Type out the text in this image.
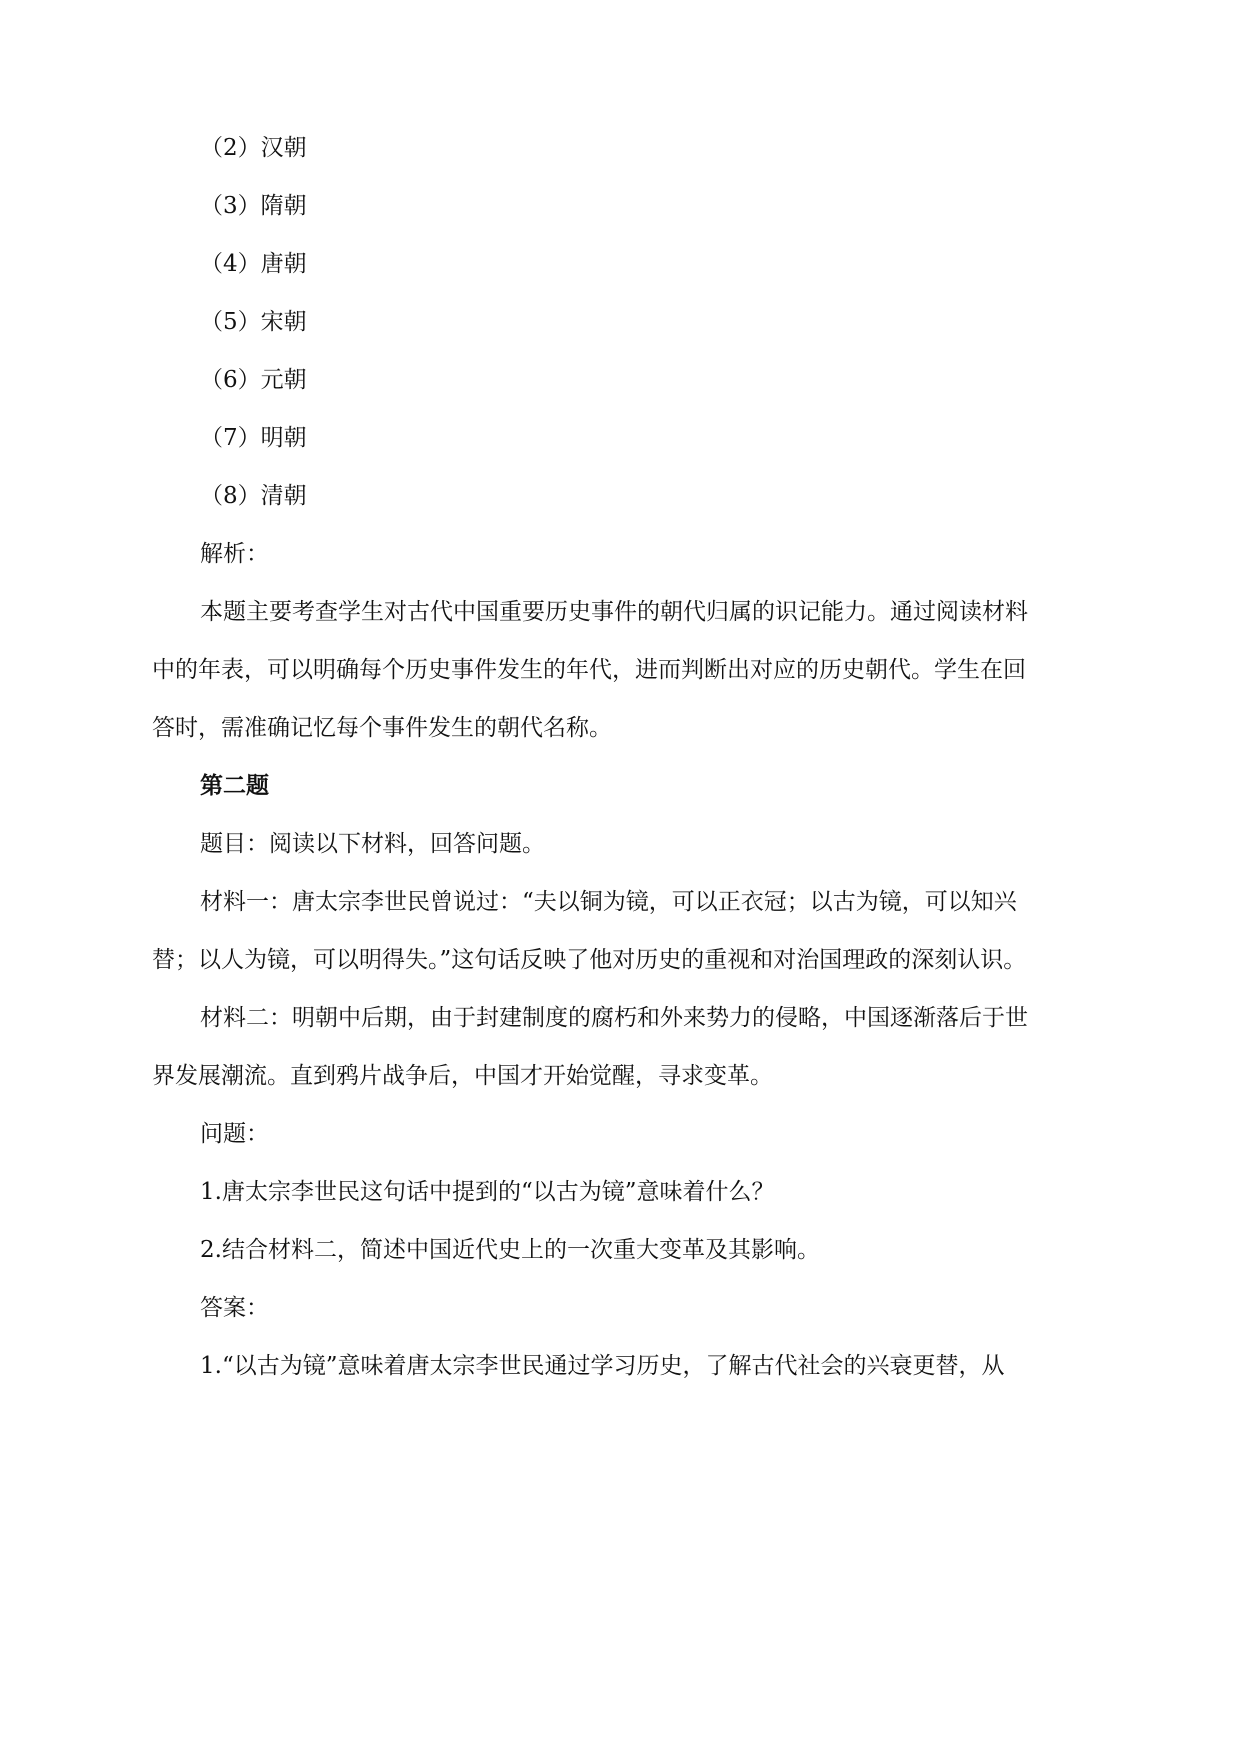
（2）汉朝
（3）隋朝
（4）唐朝
（5）宋朝
（6）元朝
（7）明朝
（8）清朝
解析：
本题主要考查学生对古代中国重要历史事件的朝代归属的识记能力。通过阅读材料
中的年表，可以明确每个历史事件发生的年代，进而判断出对应的历史朝代。学生在回
答时，需准确记忆每个事件发生的朝代名称。
第二题
题目：阅读以下材料，回答问题。
材料一：唐太宗李世民曾说过：“夫以铜为镜，可以正衣冠；以古为镜，可以知兴
替；以人为镜，可以明得失。”这句话反映了他对历史的重视和对治国理政的深刻认识。
材料二：明朝中后期，由于封建制度的腐朽和外来势力的侵略，中国逐渐落后于世
界发展潮流。直到鸦片战争后，中国才开始觉醒，寻求变革。
问题：
1.唐太宗李世民这句话中提到的“以古为镜”意味着什么？
2.结合材料二，简述中国近代史上的一次重大变革及其影响。
答案：
1.“以古为镜”意味着唐太宗李世民通过学习历史，了解古代社会的兴衰更替，从
